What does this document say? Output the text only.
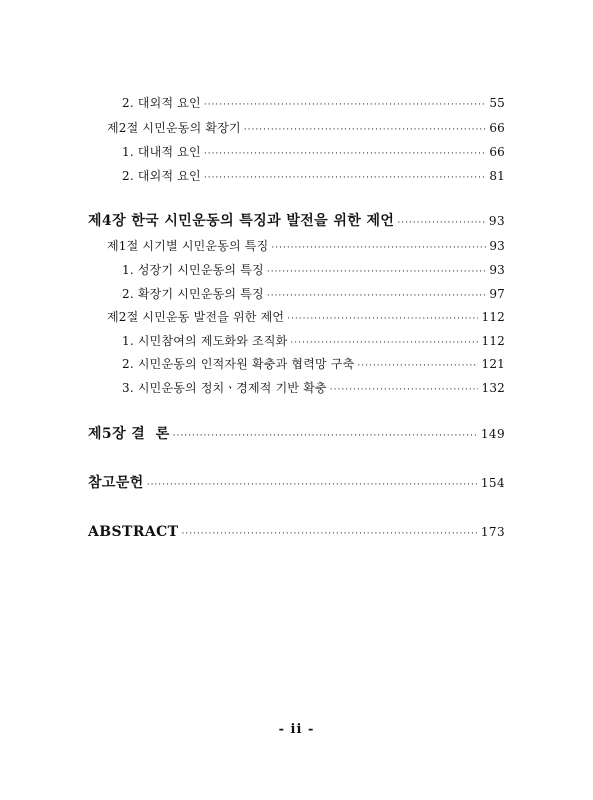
2. 대외적 요인 ·····	55
제2절 시민운동의 확장기 ·····	66
1. 대내적 요인 ·····	66
2. 대외적 요인 ·····	81
제4장 한국 시민운동의 특징과 발전을 위한 제언 ·····	93
제1절 시기별 시민운동의 특징 ·····	93
1. 성장기 시민운동의 특징 ·····	93
2. 확장기 시민운동의 특징 ·····	97
제2절 시민운동 발전을 위한 제언 ·····	112
1. 시민참여의 제도화와 조직화 ·····	112
2. 시민운동의 인적자원 확충과 협력망 구축 ·····	121
3. 시민운동의 정치ㆍ경제적 기반 확충 ·····	132
제5장 결  론 ·····	149
참고문헌 ·····	154
ABSTRACT ·····	173
- ii -
